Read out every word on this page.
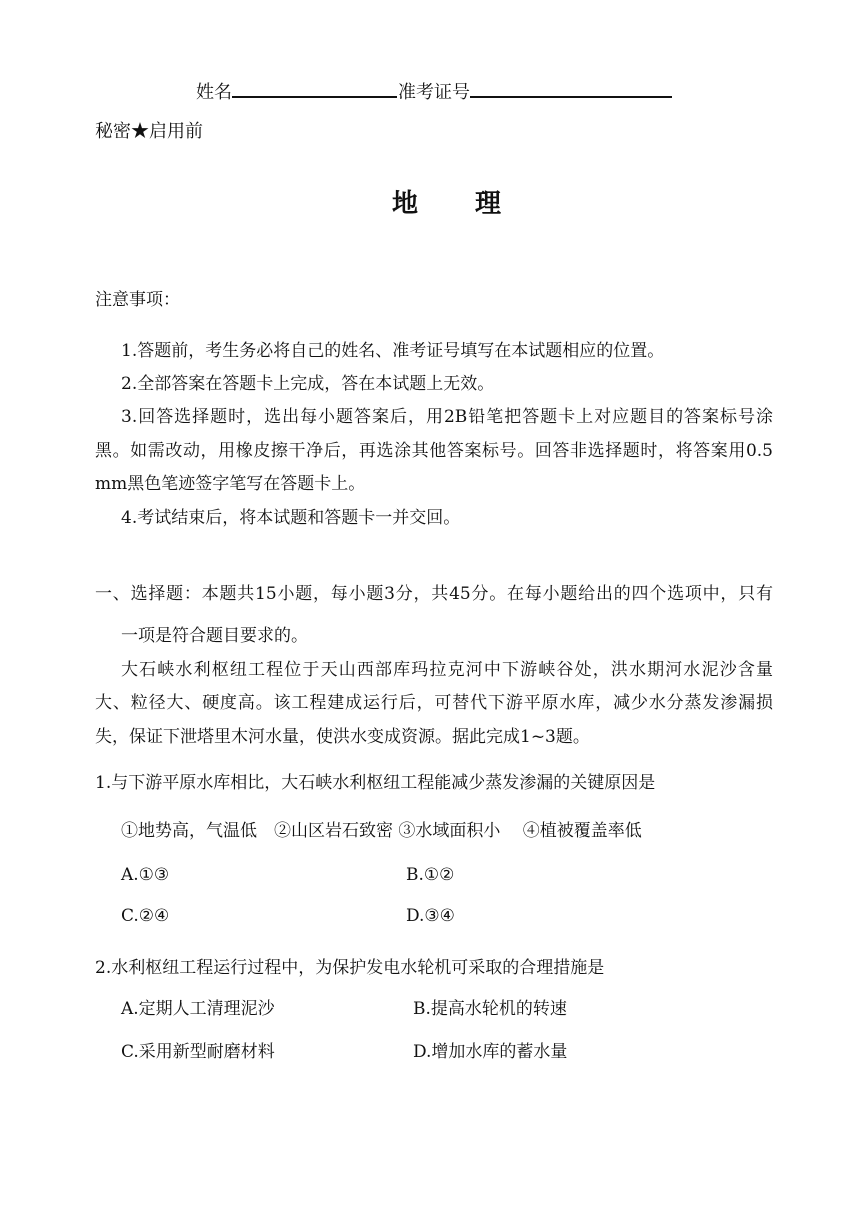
姓名	准考证号
秘密★启用前
地 理
注意事项：
1.答题前，考生务必将自己的姓名、准考证号填写在本试题相应的位置。
2.全部答案在答题卡上完成，答在本试题上无效。
3.回答选择题时，选出每小题答案后，用2B铅笔把答题卡上对应题目的答案标号涂
黑。如需改动，用橡皮擦干净后，再选涂其他答案标号。回答非选择题时，将答案用0.5
mm黑色笔迹签字笔写在答题卡上。
4.考试结束后，将本试题和答题卡一并交回。
一、选择题：本题共15小题，每小题3分，共45分。在每小题给出的四个选项中，只有
一项是符合题目要求的。
大石峡水利枢纽工程位于天山西部库玛拉克河中下游峡谷处，洪水期河水泥沙含量
大、粒径大、硬度高。该工程建成运行后，可替代下游平原水库，减少水分蒸发渗漏损
失，保证下泄塔里木河水量，使洪水变成资源。据此完成1~3题。
1.与下游平原水库相比，大石峡水利枢纽工程能减少蒸发渗漏的关键原因是
①地势高，气温低　②山区岩石致密 ③水域面积小　 ④植被覆盖率低
A.①③	B.①②
C.②④	D.③④
2.水利枢纽工程运行过程中，为保护发电水轮机可采取的合理措施是
A.定期人工清理泥沙	B.提高水轮机的转速
C.采用新型耐磨材料	D.增加水库的蓄水量
